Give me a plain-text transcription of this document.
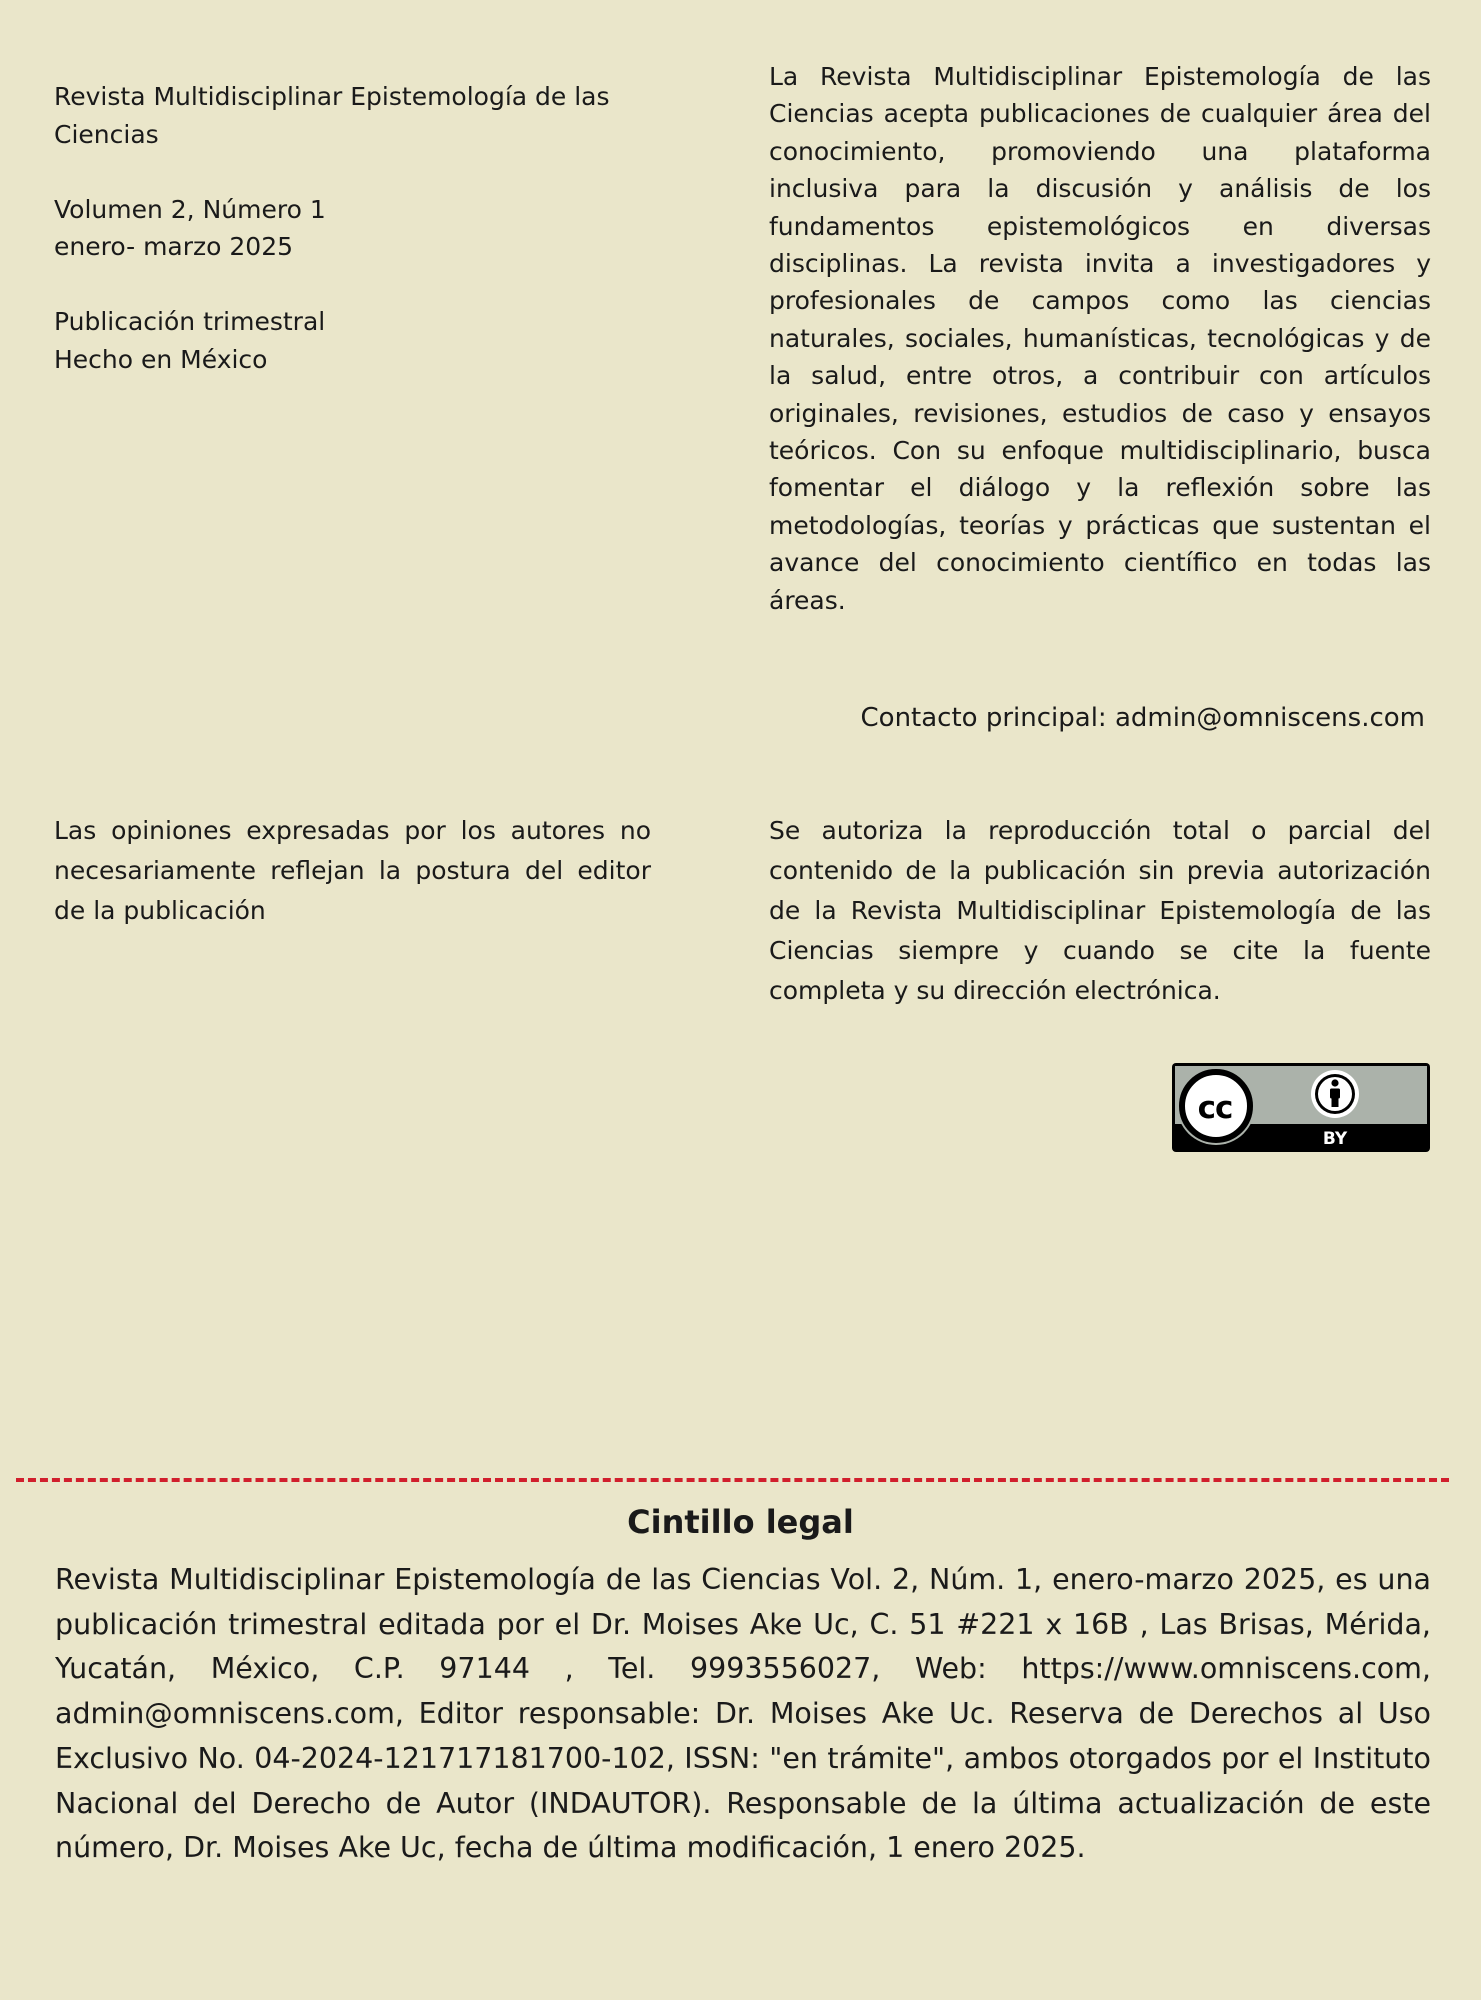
Revista Multidisciplinar Epistemología de las Ciencias

Volumen 2, Número 1
enero- marzo 2025

Publicación trimestral
Hecho en México

La Revista Multidisciplinar Epistemología de las Ciencias acepta publicaciones de cualquier área del conocimiento, promoviendo una plataforma inclusiva para la discusión y análisis de los fundamentos epistemológicos en diversas disciplinas. La revista invita a investigadores y profesionales de campos como las ciencias naturales, sociales, humanísticas, tecnológicas y de la salud, entre otros, a contribuir con artículos originales, revisiones, estudios de caso y ensayos teóricos. Con su enfoque multidisciplinario, busca fomentar el diálogo y la reflexión sobre las metodologías, teorías y prácticas que sustentan el avance del conocimiento científico en todas las áreas.
Contacto principal: admin@omniscens.com
Las opiniones expresadas por los autores no necesariamente reflejan la postura del editor de la publicación
Se autoriza la reproducción total o parcial del contenido de la publicación sin previa autorización de la Revista Multidisciplinar Epistemología de las Ciencias siempre y cuando se cite la fuente completa y su dirección electrónica.
cc
BY
Cintillo legal
Revista Multidisciplinar Epistemología de las Ciencias Vol. 2, Núm. 1, enero-marzo 2025, es una publicación trimestral editada por el Dr. Moises Ake Uc, C. 51 #221 x 16B , Las Brisas, Mérida, Yucatán, México, C.P. 97144 , Tel. 9993556027, Web: https://www.omniscens.com, admin@omniscens.com, Editor responsable: Dr. Moises Ake Uc. Reserva de Derechos al Uso Exclusivo No. 04-2024-121717181700-102, ISSN: "en trámite", ambos otorgados por el Instituto Nacional del Derecho de Autor (INDAUTOR). Responsable de la última actualización de este número, Dr. Moises Ake Uc, fecha de última modificación, 1 enero 2025.
